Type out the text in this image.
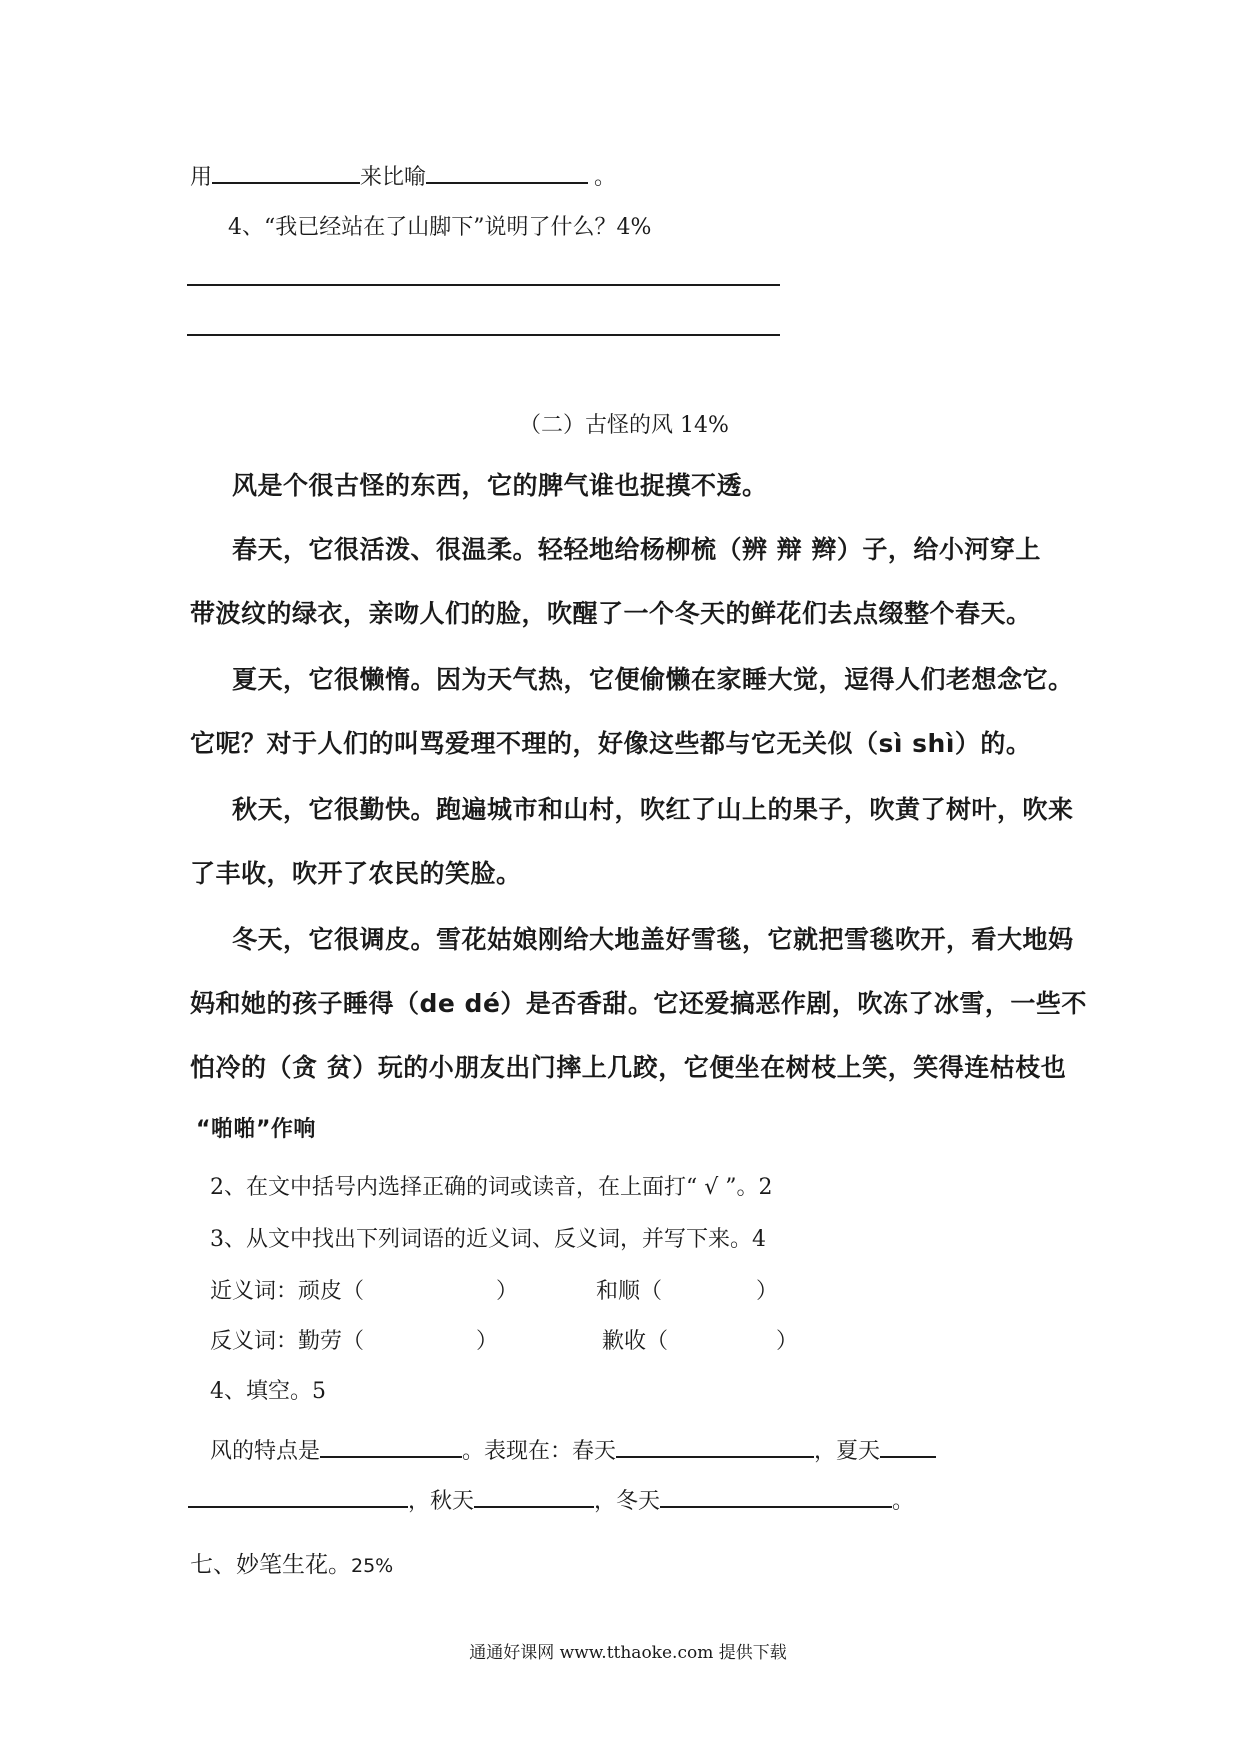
用	来比喻	。
4、“我已经站在了山脚下”说明了什么？4%
（二）古怪的风 14%
风是个很古怪的东西，它的脾气谁也捉摸不透。
春天，它很活泼、很温柔。轻轻地给杨柳梳（辨 辩 辫）子，给小河穿上
带波纹的绿衣，亲吻人们的脸，吹醒了一个冬天的鲜花们去点缀整个春天。
夏天，它很懒惰。因为天气热，它便偷懒在家睡大觉，逗得人们老想念它。
它呢？对于人们的叫骂爱理不理的，好像这些都与它无关似（sì shì）的。
秋天，它很勤快。跑遍城市和山村，吹红了山上的果子，吹黄了树叶，吹来
了丰收，吹开了农民的笑脸。
冬天，它很调皮。雪花姑娘刚给大地盖好雪毯，它就把雪毯吹开，看大地妈
妈和她的孩子睡得（de dé）是否香甜。它还爱搞恶作剧，吹冻了冰雪，一些不
怕冷的（贪 贫）玩的小朋友出门摔上几跤，它便坐在树枝上笑，笑得连枯枝也
“啪啪”作响
2、在文中括号内选择正确的词或读音，在上面打“ √ ”。2
3、从文中找出下列词语的近义词、反义词，并写下来。4
近义词：顽皮（	）	和顺（	）
反义词：勤劳（	）	歉收（	）
4、填空。5
风的特点是	。表现在：春天	，夏天
，秋天	，冬天	。
七、妙笔生花。25%
通通好课网 www.tthaoke.com 提供下载
